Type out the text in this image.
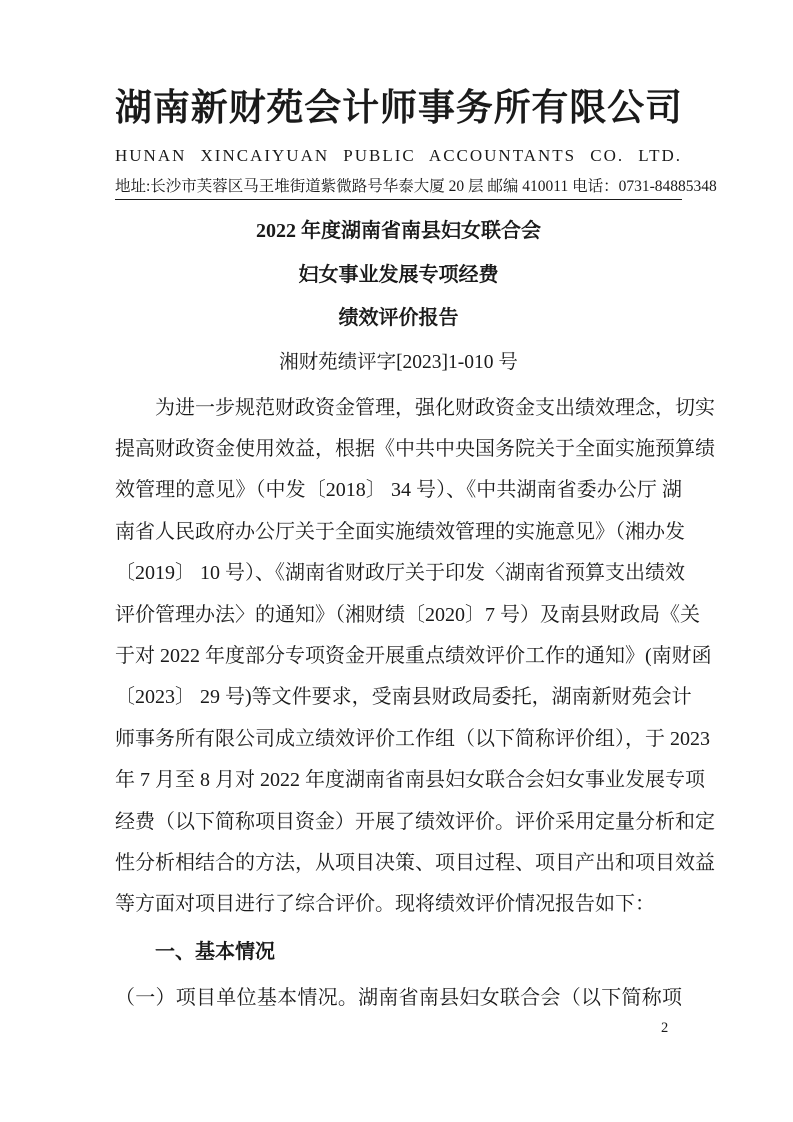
湖南新财苑会计师事务所有限公司
HUNAN XINCAIYUAN PUBLIC ACCOUNTANTS CO. LTD.
地址:长沙市芙蓉区马王堆街道紫微路号华泰大厦 20 层 邮编 410011 电话：0731-84885348
2022 年度湖南省南县妇女联合会
妇女事业发展专项经费
绩效评价报告
湘财苑绩评字[2023]1-010 号
为进一步规范财政资金管理，强化财政资金支出绩效理念，切实
提高财政资金使用效益，根据《中共中央国务院关于全面实施预算绩
效管理的意见》（中发〔2018〕 34 号）、《中共湖南省委办公厅 湖
南省人民政府办公厅关于全面实施绩效管理的实施意见》（湘办发
〔2019〕 10 号）、《湖南省财政厅关于印发〈湖南省预算支出绩效
评价管理办法〉的通知》（湘财绩〔2020〕7 号）及南县财政局《关
于对 2022 年度部分专项资金开展重点绩效评价工作的通知》(南财函
〔2023〕 29 号)等文件要求，受南县财政局委托，湖南新财苑会计
师事务所有限公司成立绩效评价工作组（以下简称评价组），于 2023
年 7 月至 8 月对 2022 年度湖南省南县妇女联合会妇女事业发展专项
经费（以下简称项目资金）开展了绩效评价。评价采用定量分析和定
性分析相结合的方法，从项目决策、项目过程、项目产出和项目效益
等方面对项目进行了综合评价。现将绩效评价情况报告如下：
一、基本情况
（一）项目单位基本情况。湖南省南县妇女联合会（以下简称项
2
